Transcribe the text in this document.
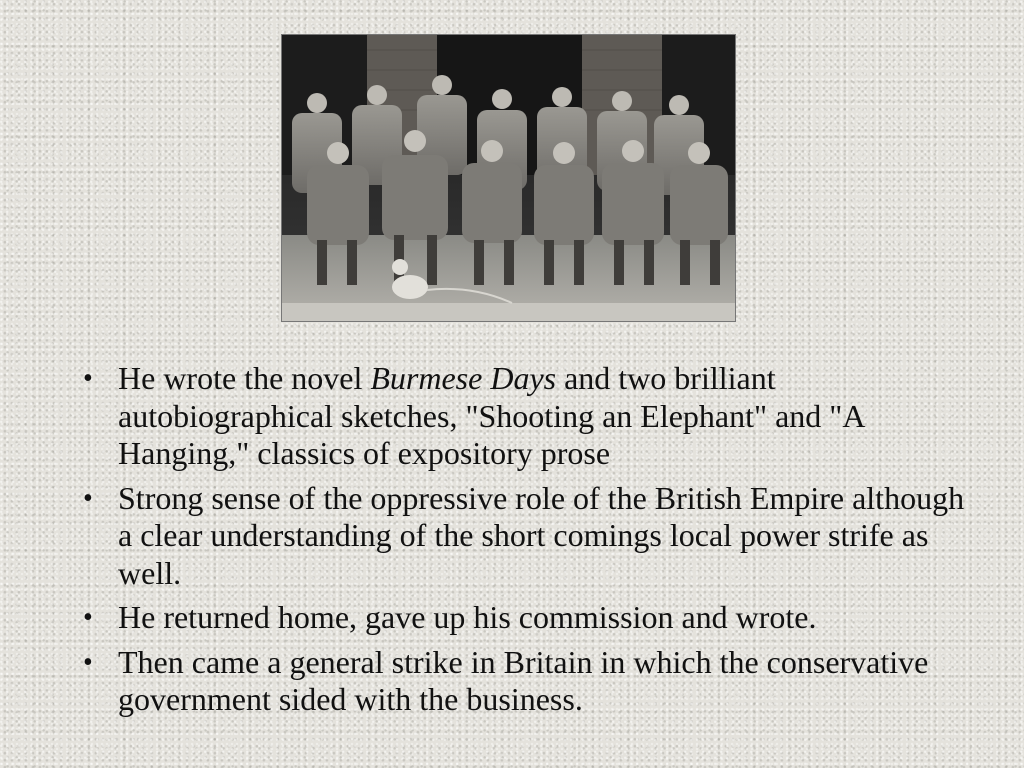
• He wrote the novel Burmese Days and two brilliant autobiographical sketches, "Shooting an Elephant" and "A Hanging," classics of expository prose
• Strong sense of the oppressive role of the British Empire although a clear understanding of the short comings local power strife as well.
• He returned home, gave up his commission and wrote.
• Then came a general strike in Britain in which the conservative government sided with the business.
